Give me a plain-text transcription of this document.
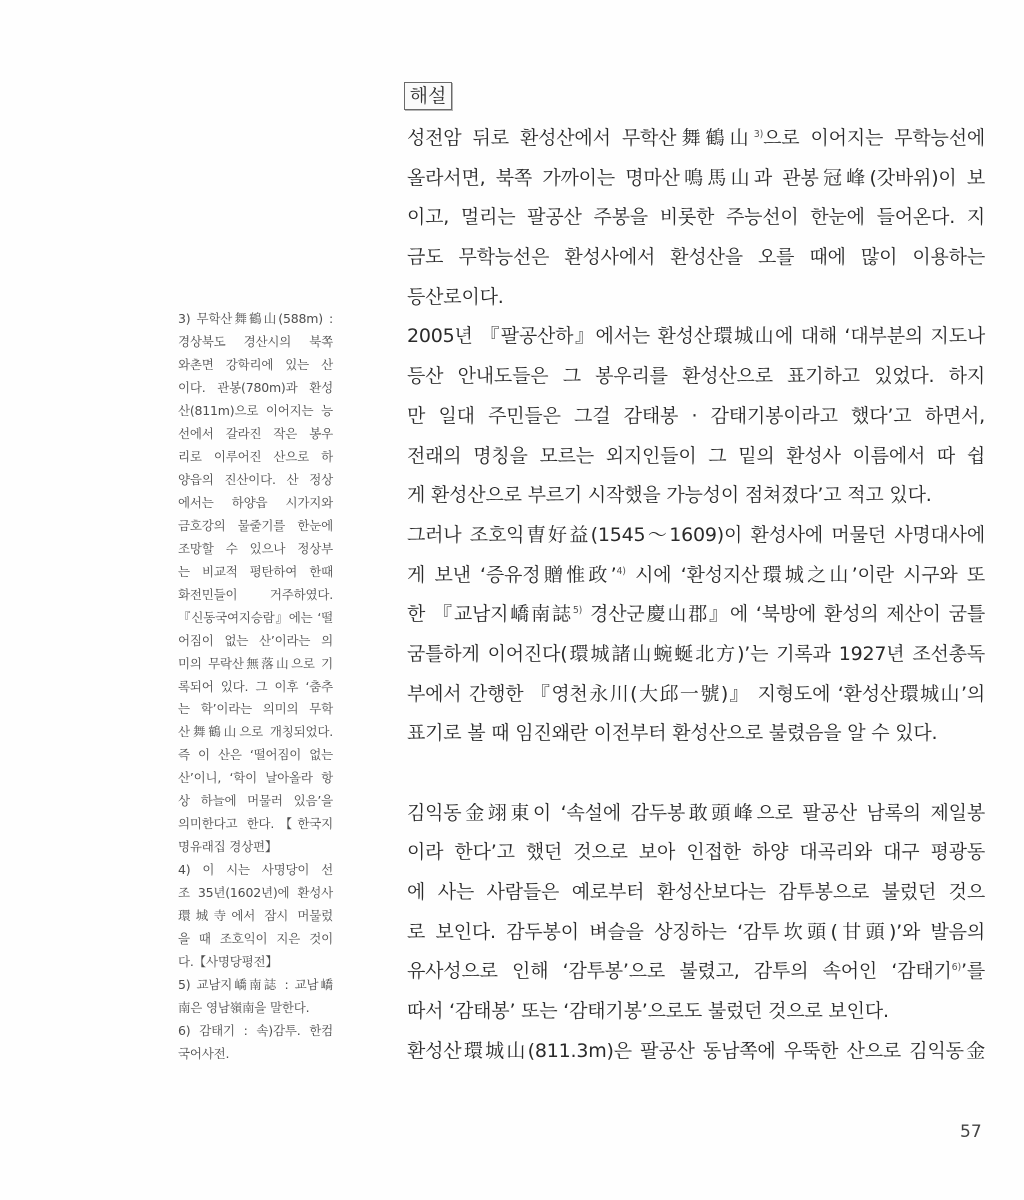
해설
3) 무학산舞鶴山(588m) :
경상북도 경산시의 북쪽
와촌면 강학리에 있는 산
이다. 관봉(780m)과 환성
산(811m)으로 이어지는 능
선에서 갈라진 작은 봉우
리로 이루어진 산으로 하
양읍의 진산이다. 산 정상
에서는 하양읍 시가지와
금호강의 물줄기를 한눈에
조망할 수 있으나 정상부
는 비교적 평탄하여 한때
화전민들이 거주하였다.
『신동국여지승람』에는 ‘떨
어짐이 없는 산’이라는 의
미의 무락산無落山으로 기
록되어 있다. 그 이후 ‘춤추
는 학’이라는 의미의 무학
산舞鶴山으로 개칭되었다.
즉 이 산은 ‘떨어짐이 없는
산’이니, ‘학이 날아올라 항
상 하늘에 머물러 있음’을
의미한다고 한다.【한국지
명유래집 경상편】
4) 이 시는 사명당이 선
조 35년(1602년)에 환성사
環城寺에서 잠시 머물렀
을 때 조호익이 지은 것이
다.【사명당평전】
5) 교남지嶠南誌 : 교남嶠
南은 영남嶺南을 말한다.
6) 감태기 : 속)감투. 한컴
국어사전.
성전암 뒤로 환성산에서 무학산舞鶴山$^{3)}$으로 이어지는 무학능선에
올라서면, 북쪽 가까이는 명마산鳴馬山과 관봉冠峰(갓바위)이 보
이고, 멀리는 팔공산 주봉을 비롯한 주능선이 한눈에 들어온다. 지
금도 무학능선은 환성사에서 환성산을 오를 때에 많이 이용하는
등산로이다.
2005년 『팔공산하』에서는 환성산環城山에 대해 ‘대부분의 지도나
등산 안내도들은 그 봉우리를 환성산으로 표기하고 있었다. 하지
만 일대 주민들은 그걸 감태봉 · 감태기봉이라고 했다’고 하면서,
전래의 명칭을 모르는 외지인들이 그 밑의 환성사 이름에서 따 쉽
게 환성산으로 부르기 시작했을 가능성이 점쳐졌다’고 적고 있다.
그러나 조호익曺好益(1545～1609)이 환성사에 머물던 사명대사에
게 보낸 ‘증유정贈惟政’$^{4)}$ 시에 ‘환성지산環城之山’이란 시구와 또
한 『교남지嶠南誌$^{5)}$ 경산군慶山郡』에 ‘북방에 환성의 제산이 굼틀
굼틀하게 이어진다(環城諸山蜿蜒北方)’는 기록과 1927년 조선총독
부에서 간행한 『영천永川(大邱一號)』 지형도에 ‘환성산環城山’의
표기로 볼 때 임진왜란 이전부터 환성산으로 불렸음을 알 수 있다.
김익동金翊東이 ‘속설에 감두봉敢頭峰으로 팔공산 남록의 제일봉
이라 한다’고 했던 것으로 보아 인접한 하양 대곡리와 대구 평광동
에 사는 사람들은 예로부터 환성산보다는 감투봉으로 불렀던 것으
로 보인다. 감두봉이 벼슬을 상징하는 ‘감투坎頭(甘頭)’와 발음의
유사성으로 인해 ‘감투봉’으로 불렸고, 감투의 속어인 ‘감태기$^{6)}$’를
따서 ‘감태봉’ 또는 ‘감태기봉’으로도 불렀던 것으로 보인다.
환성산環城山(811.3m)은 팔공산 동남쪽에 우뚝한 산으로 김익동金
57
